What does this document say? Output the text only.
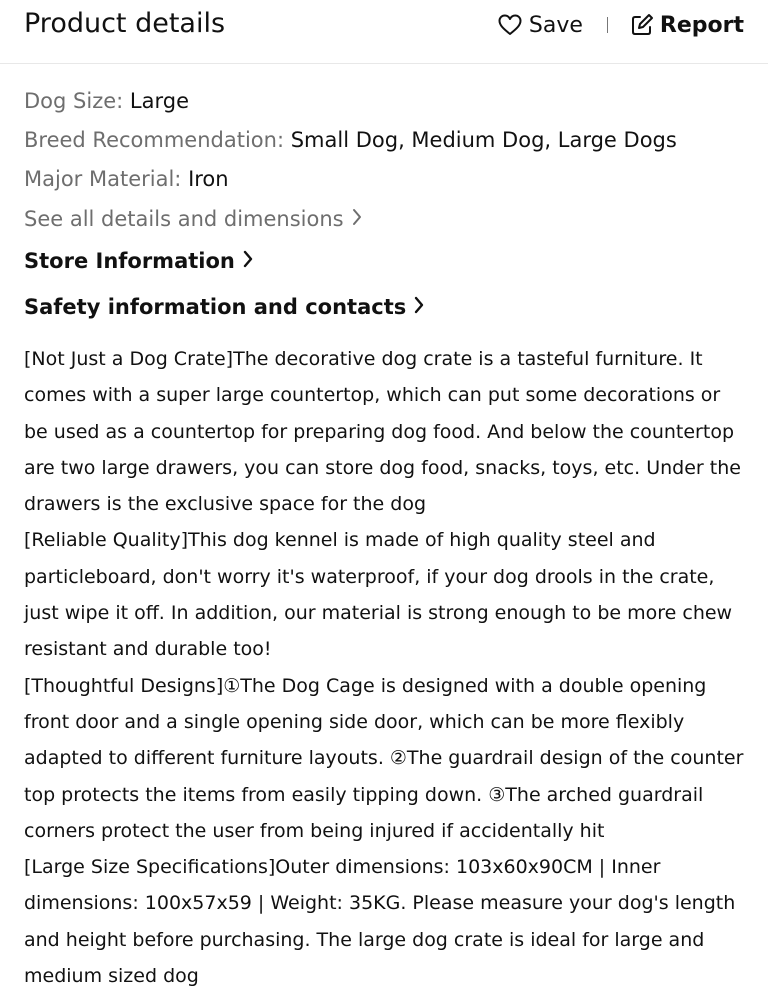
Product details	Save	Report
Dog Size: Large
Breed Recommendation: Small Dog, Medium Dog, Large Dogs
Major Material: Iron
See all details and dimensions
Store Information
Safety information and contacts

[Not Just a Dog Crate]The decorative dog crate is a tasteful furniture. It comes with a super large countertop, which can put some decorations or be used as a countertop for preparing dog food. And below the countertop are two large drawers, you can store dog food, snacks, toys, etc. Under the drawers is the exclusive space for the dog

[Reliable Quality]This dog kennel is made of high quality steel and particleboard, don't worry it's waterproof, if your dog drools in the crate, just wipe it off. In addition, our material is strong enough to be more chew resistant and durable too!

[Thoughtful Designs]①The Dog Cage is designed with a double opening front door and a single opening side door, which can be more flexibly adapted to different furniture layouts. ②The guardrail design of the counter top protects the items from easily tipping down. ③The arched guardrail corners protect the user from being injured if accidentally hit

[Large Size Specifications]Outer dimensions: 103x60x90CM | Inner dimensions: 100x57x59 | Weight: 35KG. Please measure your dog's length and height before purchasing. The large dog crate is ideal for large and medium sized dog
